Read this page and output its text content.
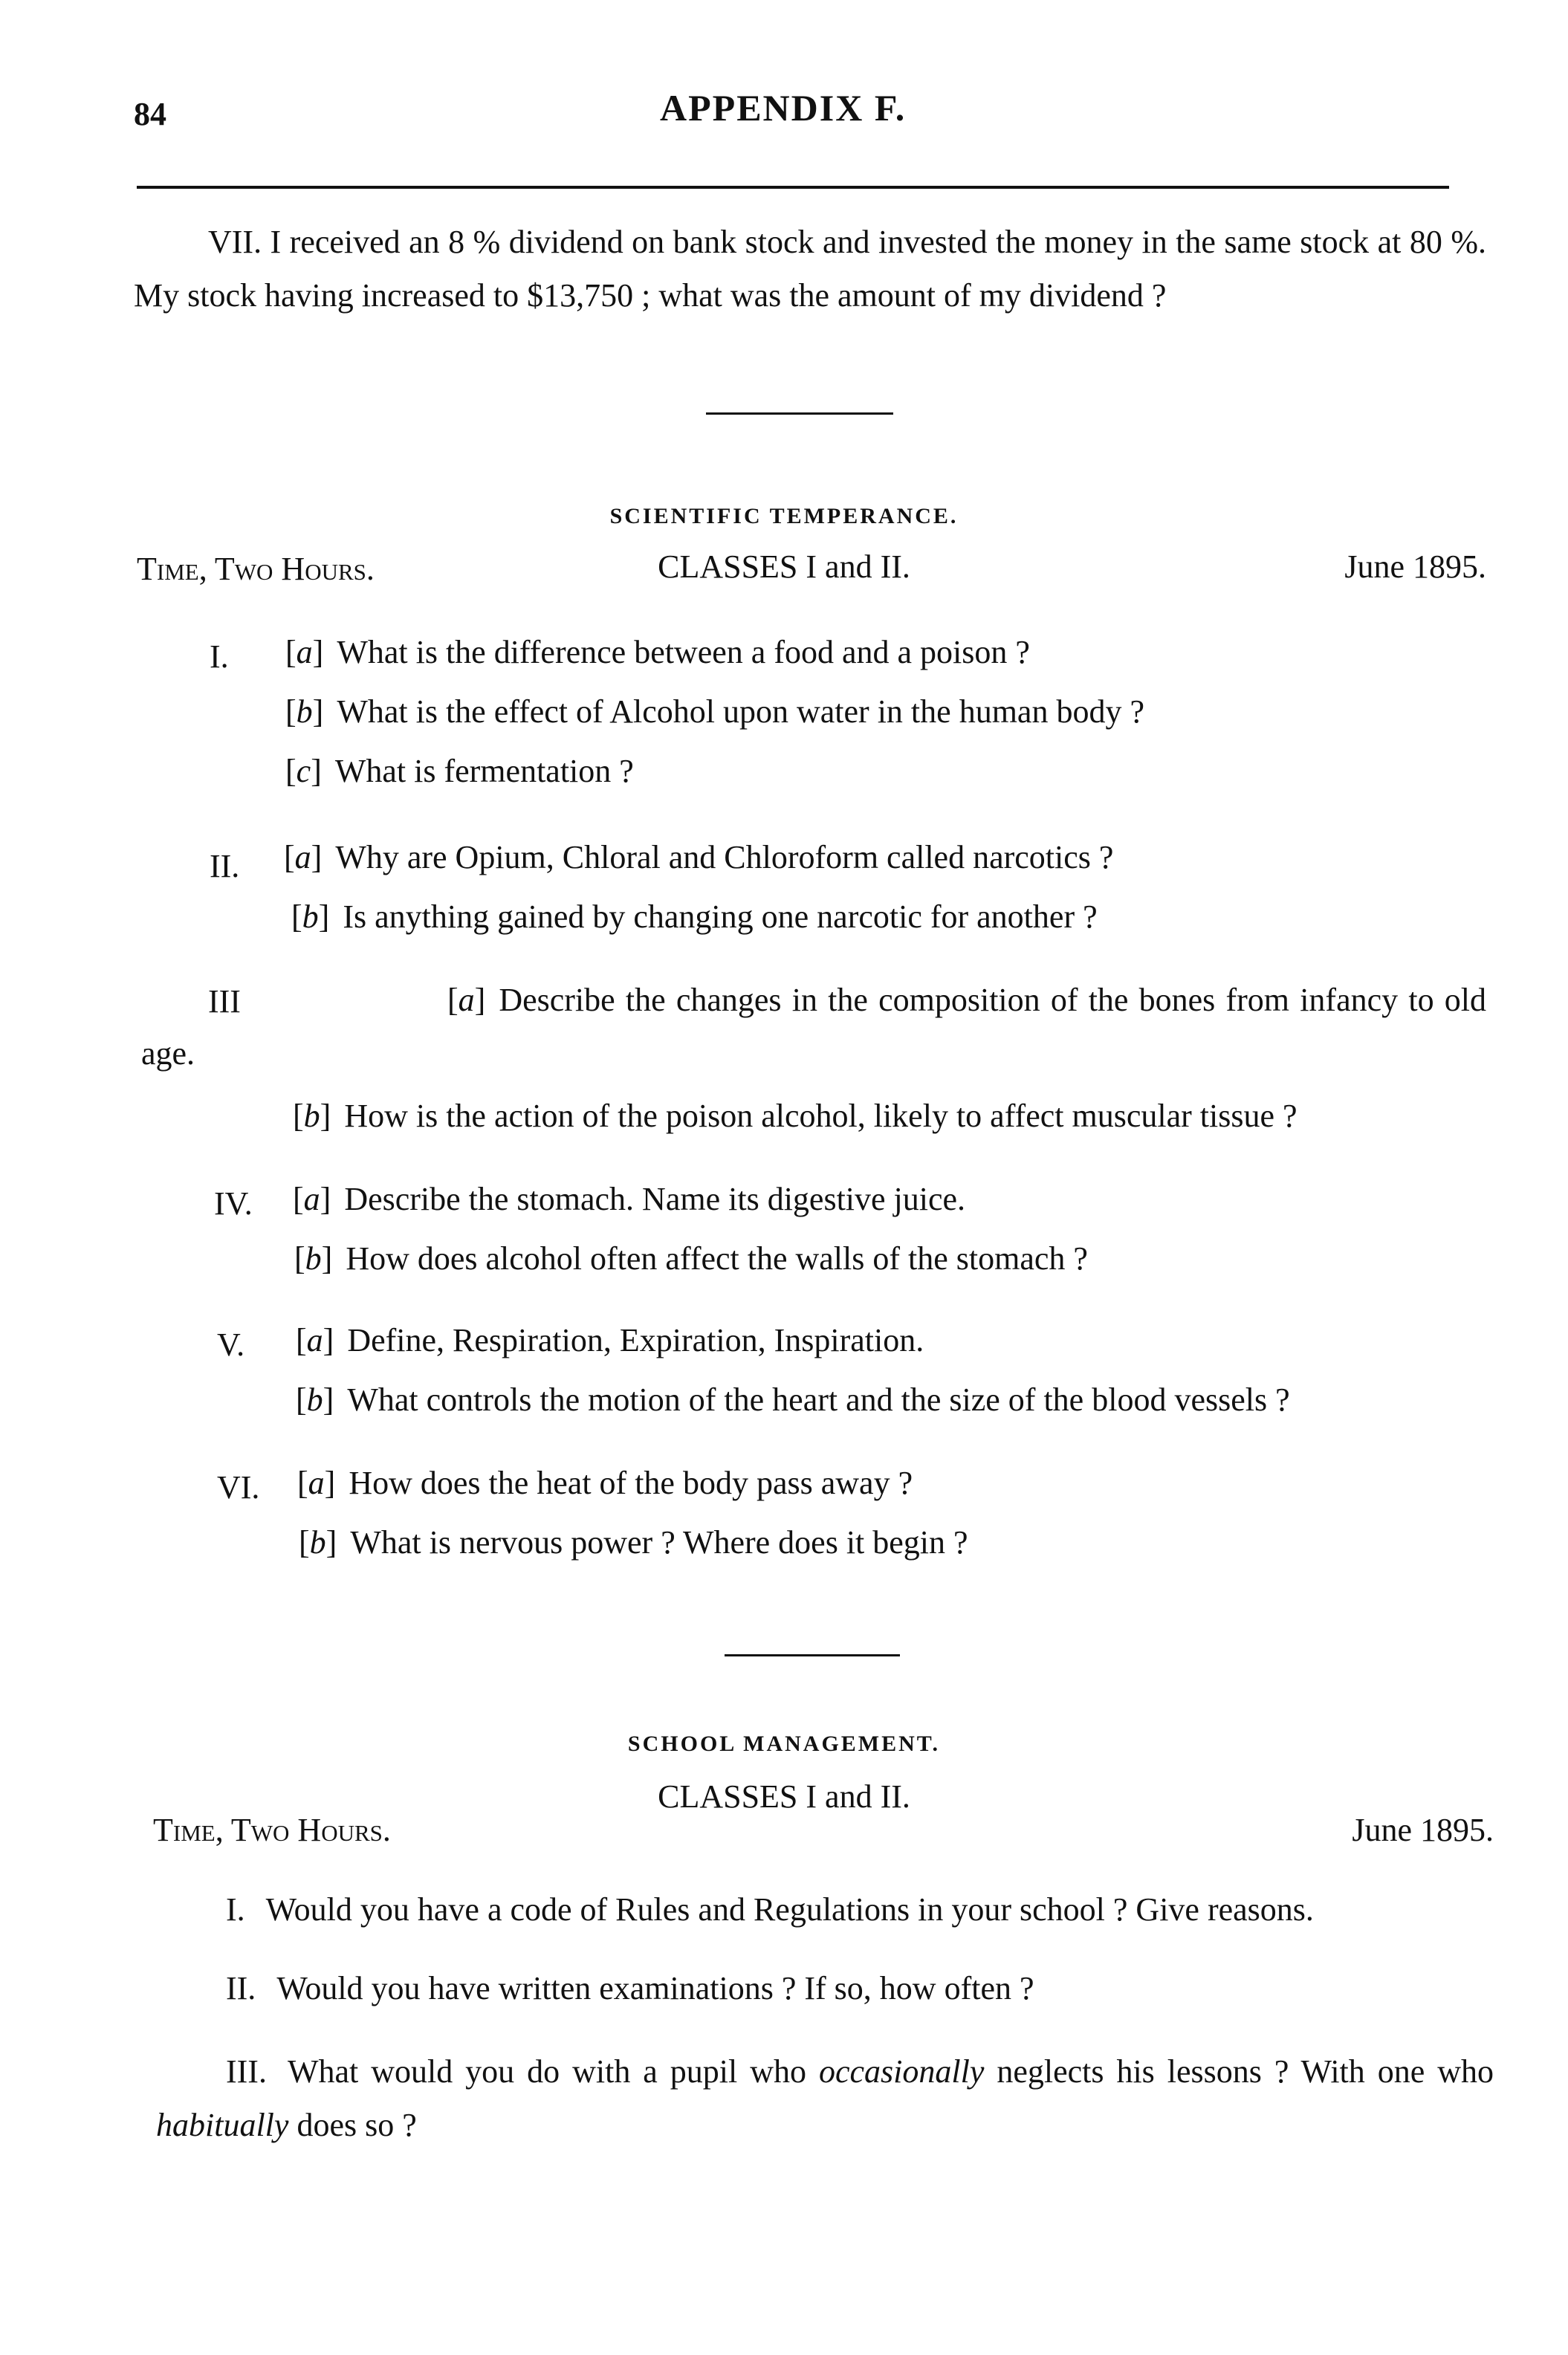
84	APPENDIX F.
VII. I received an 8 % dividend on bank stock and invested the money in the same stock at 80 %. My stock having increased to $13,750 ; what was the amount of my dividend ?
SCIENTIFIC TEMPERANCE.
Time, Two Hours.	CLASSES I and II.	June 1895.
I. [a] What is the difference between a food and a poison ?
[b] What is the effect of Alcohol upon water in the human body ?
[c] What is fermentation ?
II. [a] Why are Opium, Chloral and Chloroform called narcotics ?
[b] Is anything gained by changing one narcotic for another ?
III	[a] Describe the changes in the composition of the bones from infancy to old age.
[b] How is the action of the poison alcohol, likely to affect muscular tissue ?
IV. [a] Describe the stomach. Name its digestive juice.
[b] How does alcohol often affect the walls of the stomach ?
V. [a] Define, Respiration, Expiration, Inspiration.
[b] What controls the motion of the heart and the size of the blood vessels ?
VI. [a] How does the heat of the body pass away ?
[b] What is nervous power ? Where does it begin ?
SCHOOL MANAGEMENT.
CLASSES I and II.
Time, Two Hours.	June 1895.
I. Would you have a code of Rules and Regulations in your school ? Give reasons.
II. Would you have written examinations ? If so, how often ?
III. What would you do with a pupil who occasionally neglects his lessons ? With one who habitually does so ?
